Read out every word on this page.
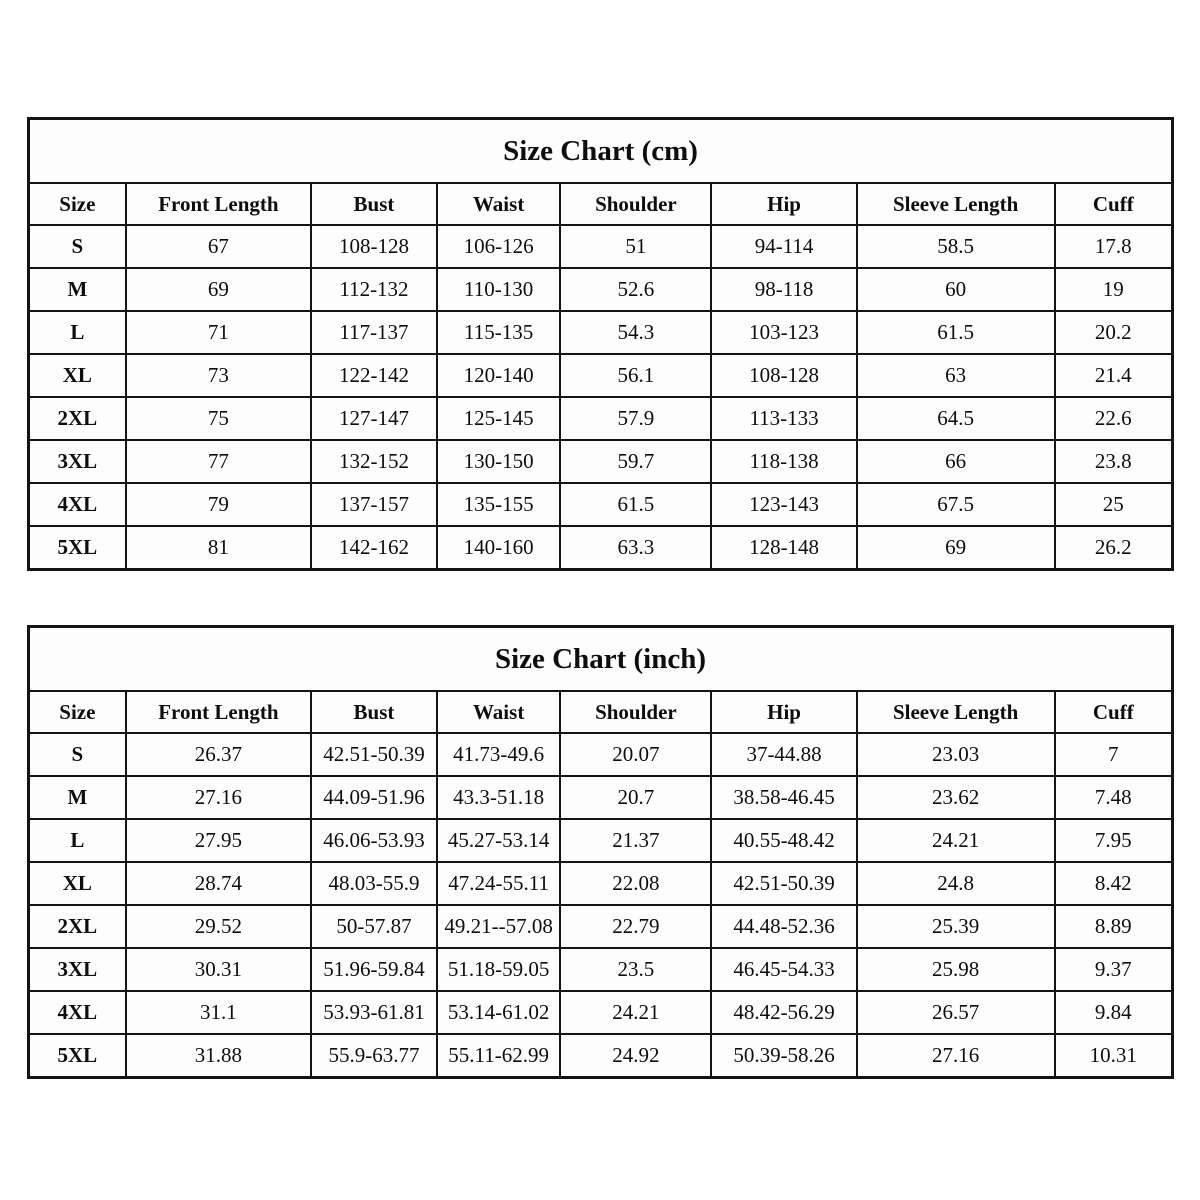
Size Chart (cm)							
Size	Front Length	Bust	Waist	Shoulder	Hip	Sleeve Length	Cuff
S	67	108-128	106-126	51	94-114	58.5	17.8
M	69	112-132	110-130	52.6	98-118	60	19
L	71	117-137	115-135	54.3	103-123	61.5	20.2
XL	73	122-142	120-140	56.1	108-128	63	21.4
2XL	75	127-147	125-145	57.9	113-133	64.5	22.6
3XL	77	132-152	130-150	59.7	118-138	66	23.8
4XL	79	137-157	135-155	61.5	123-143	67.5	25
5XL	81	142-162	140-160	63.3	128-148	69	26.2
Size Chart (inch)							
Size	Front Length	Bust	Waist	Shoulder	Hip	Sleeve Length	Cuff
S	26.37	42.51-50.39	41.73-49.6	20.07	37-44.88	23.03	7
M	27.16	44.09-51.96	43.3-51.18	20.7	38.58-46.45	23.62	7.48
L	27.95	46.06-53.93	45.27-53.14	21.37	40.55-48.42	24.21	7.95
XL	28.74	48.03-55.9	47.24-55.11	22.08	42.51-50.39	24.8	8.42
2XL	29.52	50-57.87	49.21--57.08	22.79	44.48-52.36	25.39	8.89
3XL	30.31	51.96-59.84	51.18-59.05	23.5	46.45-54.33	25.98	9.37
4XL	31.1	53.93-61.81	53.14-61.02	24.21	48.42-56.29	26.57	9.84
5XL	31.88	55.9-63.77	55.11-62.99	24.92	50.39-58.26	27.16	10.31
